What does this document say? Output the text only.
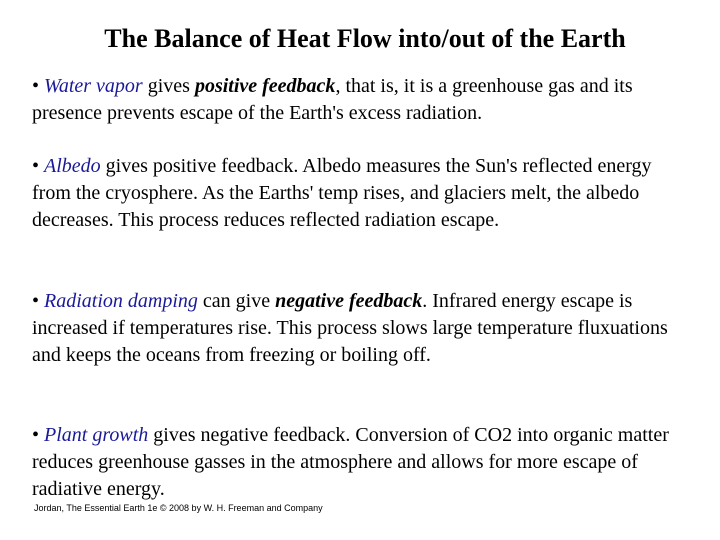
The Balance of Heat Flow into/out of the Earth
• Water vapor gives positive feedback, that is, it is a greenhouse gas and its presence prevents escape of the Earth's excess radiation.
• Albedo gives positive feedback. Albedo measures the Sun's reflected energy from the cryosphere. As the Earths' temp rises, and glaciers melt, the albedo decreases. This process reduces reflected radiation escape.
• Radiation damping can give negative feedback. Infrared energy escape is increased if temperatures rise. This process slows large temperature fluxuations and keeps the oceans from freezing or boiling off.
• Plant growth gives negative feedback. Conversion of CO2 into organic matter reduces greenhouse gasses in the atmosphere and allows for more escape of radiative energy.
Jordan, The Essential Earth 1e © 2008 by W. H. Freeman and Company
